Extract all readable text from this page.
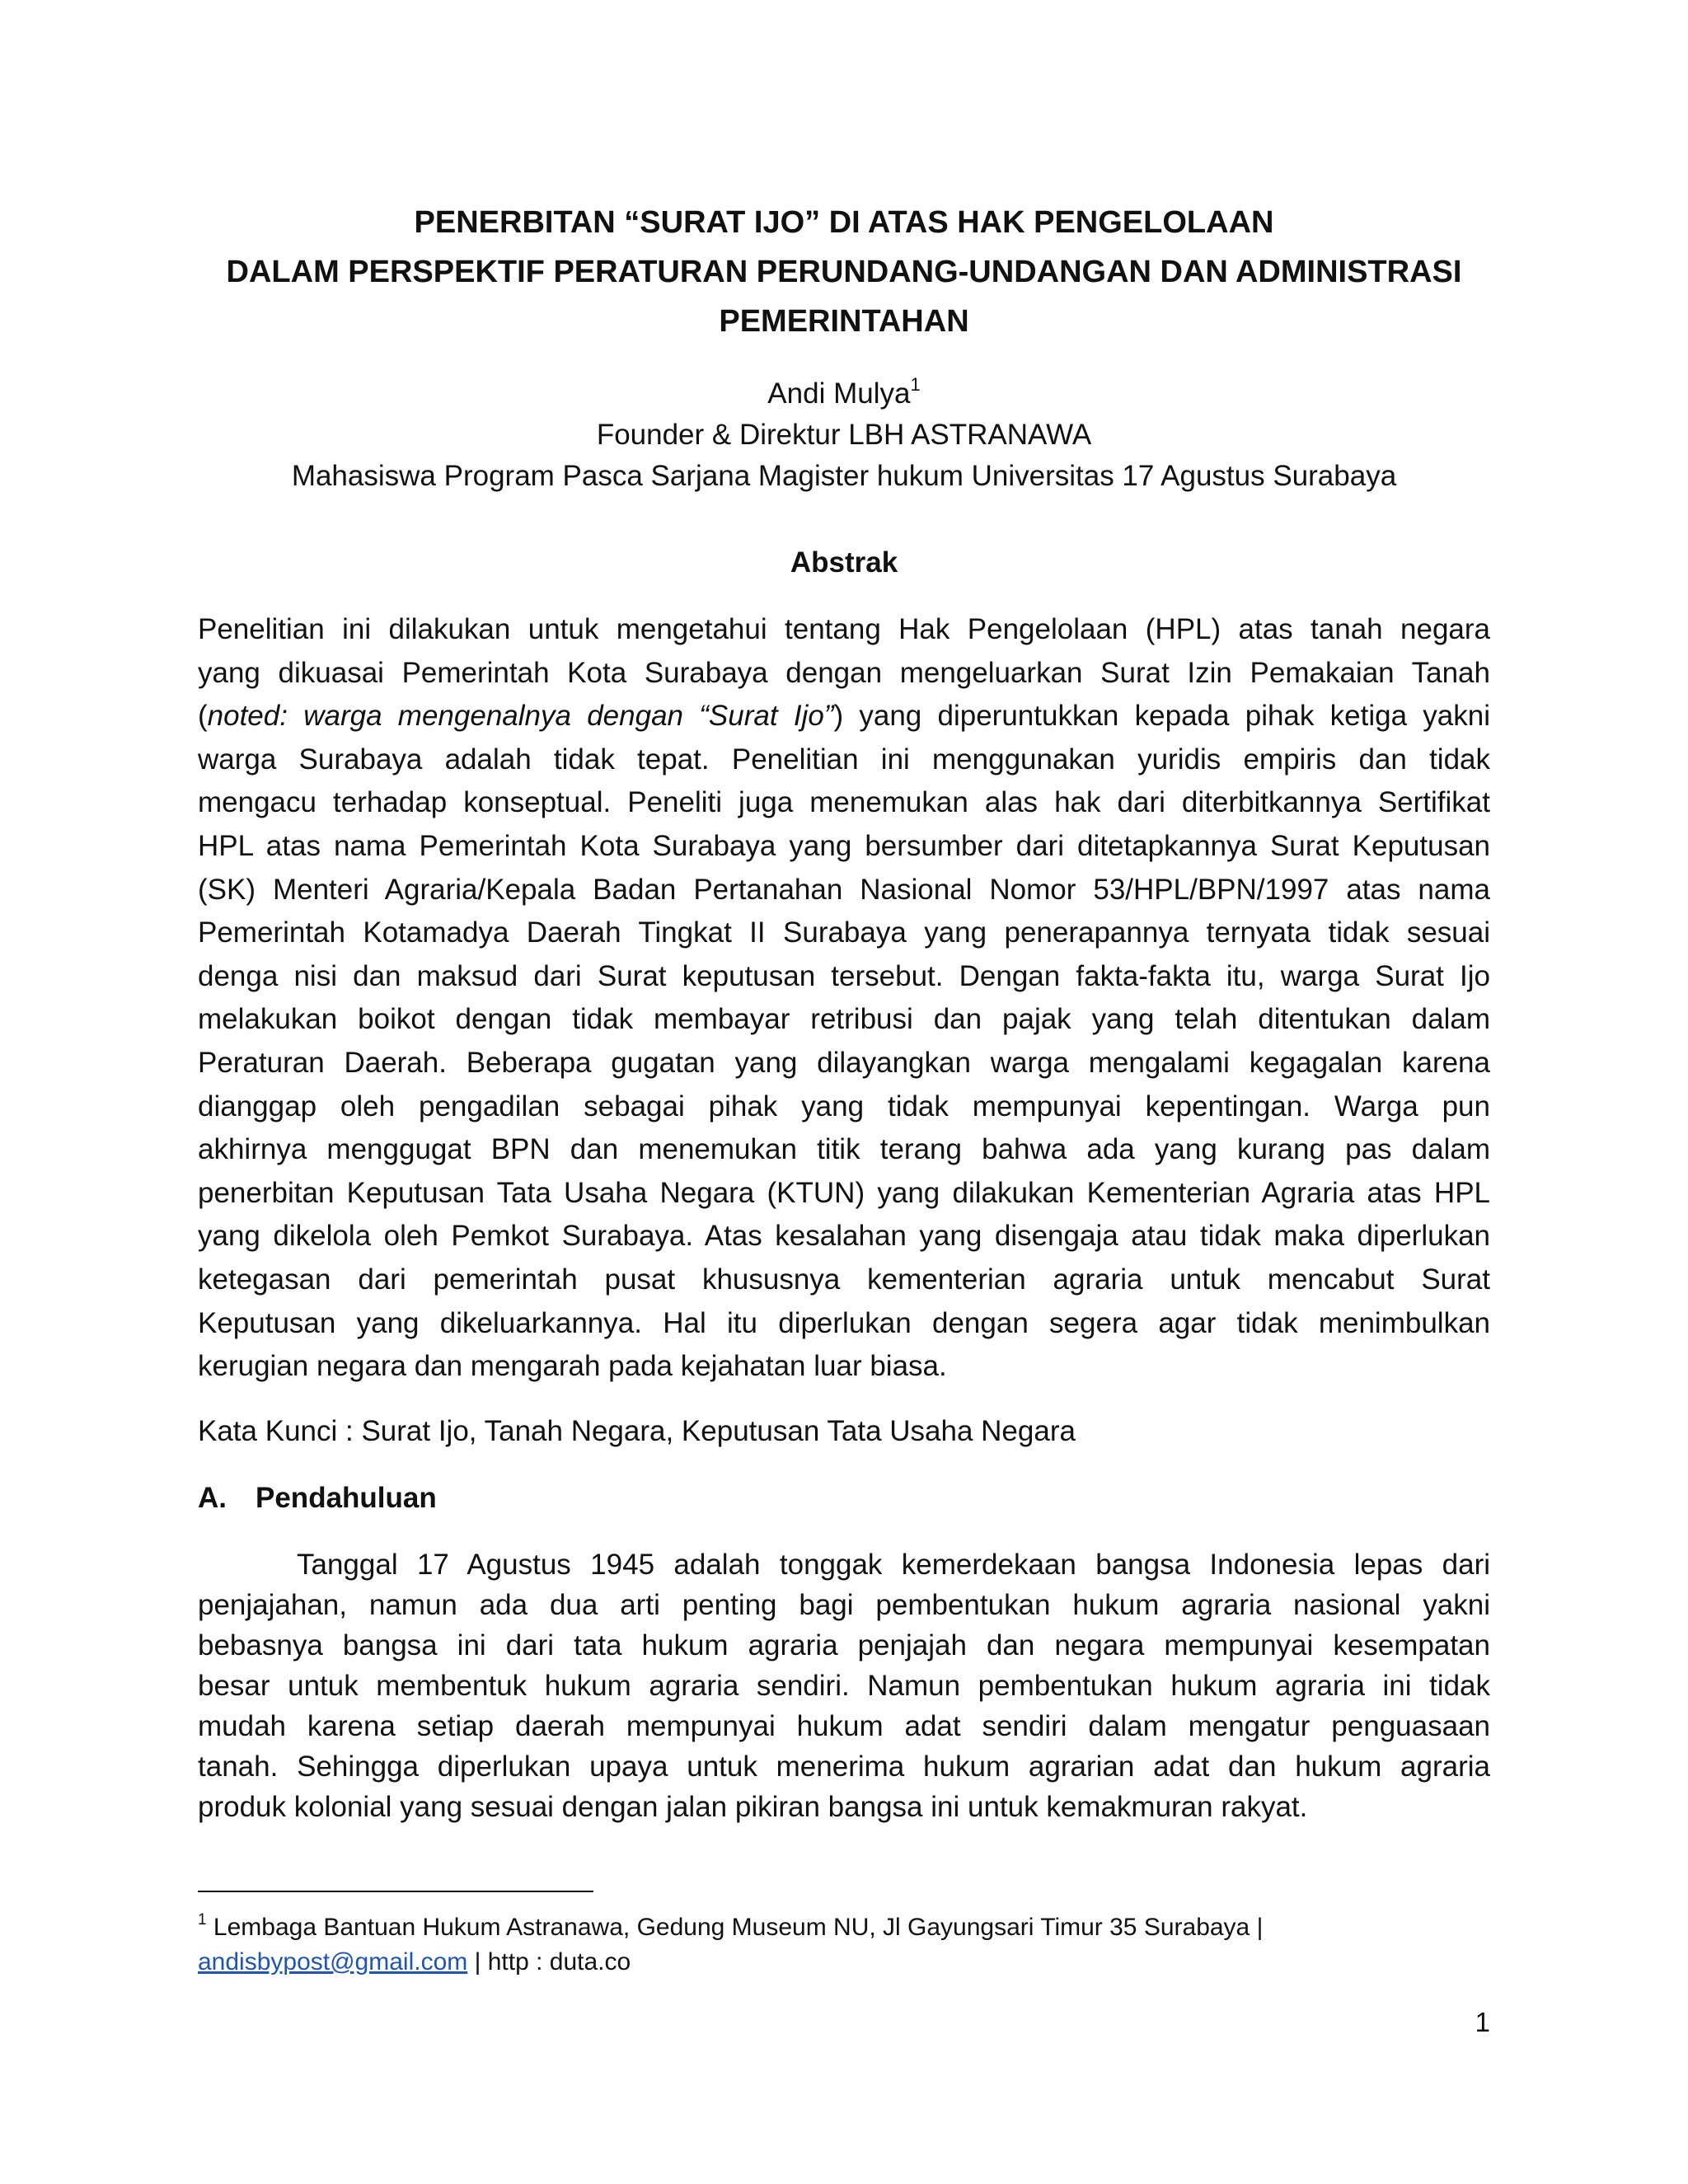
PENERBITAN “SURAT IJO” DI ATAS HAK PENGELOLAAN
DALAM PERSPEKTIF PERATURAN PERUNDANG-UNDANGAN DAN ADMINISTRASI
PEMERINTAHAN
Andi Mulya$^1$
Founder & Direktur LBH ASTRANAWA
Mahasiswa Program Pasca Sarjana Magister hukum Universitas 17 Agustus Surabaya
Abstrak
Penelitian ini dilakukan untuk mengetahui tentang Hak Pengelolaan (HPL) atas tanah negara
yang dikuasai Pemerintah Kota Surabaya dengan mengeluarkan Surat Izin Pemakaian Tanah
(noted: warga mengenalnya dengan “Surat Ijo”) yang diperuntukkan kepada pihak ketiga yakni
warga Surabaya adalah tidak tepat. Penelitian ini menggunakan yuridis empiris dan tidak
mengacu terhadap konseptual. Peneliti juga menemukan alas hak dari diterbitkannya Sertifikat
HPL atas nama Pemerintah Kota Surabaya yang bersumber dari ditetapkannya Surat Keputusan
(SK) Menteri Agraria/Kepala Badan Pertanahan Nasional Nomor 53/HPL/BPN/1997 atas nama
Pemerintah Kotamadya Daerah Tingkat II Surabaya yang penerapannya ternyata tidak sesuai
denga nisi dan maksud dari Surat keputusan tersebut. Dengan fakta-fakta itu, warga Surat Ijo
melakukan boikot dengan tidak membayar retribusi dan pajak yang telah ditentukan dalam
Peraturan Daerah. Beberapa gugatan yang dilayangkan warga mengalami kegagalan karena
dianggap oleh pengadilan sebagai pihak yang tidak mempunyai kepentingan. Warga pun
akhirnya menggugat BPN dan menemukan titik terang bahwa ada yang kurang pas dalam
penerbitan Keputusan Tata Usaha Negara (KTUN) yang dilakukan Kementerian Agraria atas HPL
yang dikelola oleh Pemkot Surabaya. Atas kesalahan yang disengaja atau tidak maka diperlukan
ketegasan dari pemerintah pusat khususnya kementerian agraria untuk mencabut Surat
Keputusan yang dikeluarkannya. Hal itu diperlukan dengan segera agar tidak menimbulkan
kerugian negara dan mengarah pada kejahatan luar biasa.
Kata Kunci : Surat Ijo, Tanah Negara, Keputusan Tata Usaha Negara
A. Pendahuluan
Tanggal 17 Agustus 1945 adalah tonggak kemerdekaan bangsa Indonesia lepas dari
penjajahan, namun ada dua arti penting bagi pembentukan hukum agraria nasional yakni
bebasnya bangsa ini dari tata hukum agraria penjajah dan negara mempunyai kesempatan
besar untuk membentuk hukum agraria sendiri. Namun pembentukan hukum agraria ini tidak
mudah karena setiap daerah mempunyai hukum adat sendiri dalam mengatur penguasaan
tanah. Sehingga diperlukan upaya untuk menerima hukum agrarian adat dan hukum agraria
produk kolonial yang sesuai dengan jalan pikiran bangsa ini untuk kemakmuran rakyat.
$^1$ Lembaga Bantuan Hukum Astranawa, Gedung Museum NU, Jl Gayungsari Timur 35 Surabaya |
andisbypost@gmail.com | http : duta.co
1
